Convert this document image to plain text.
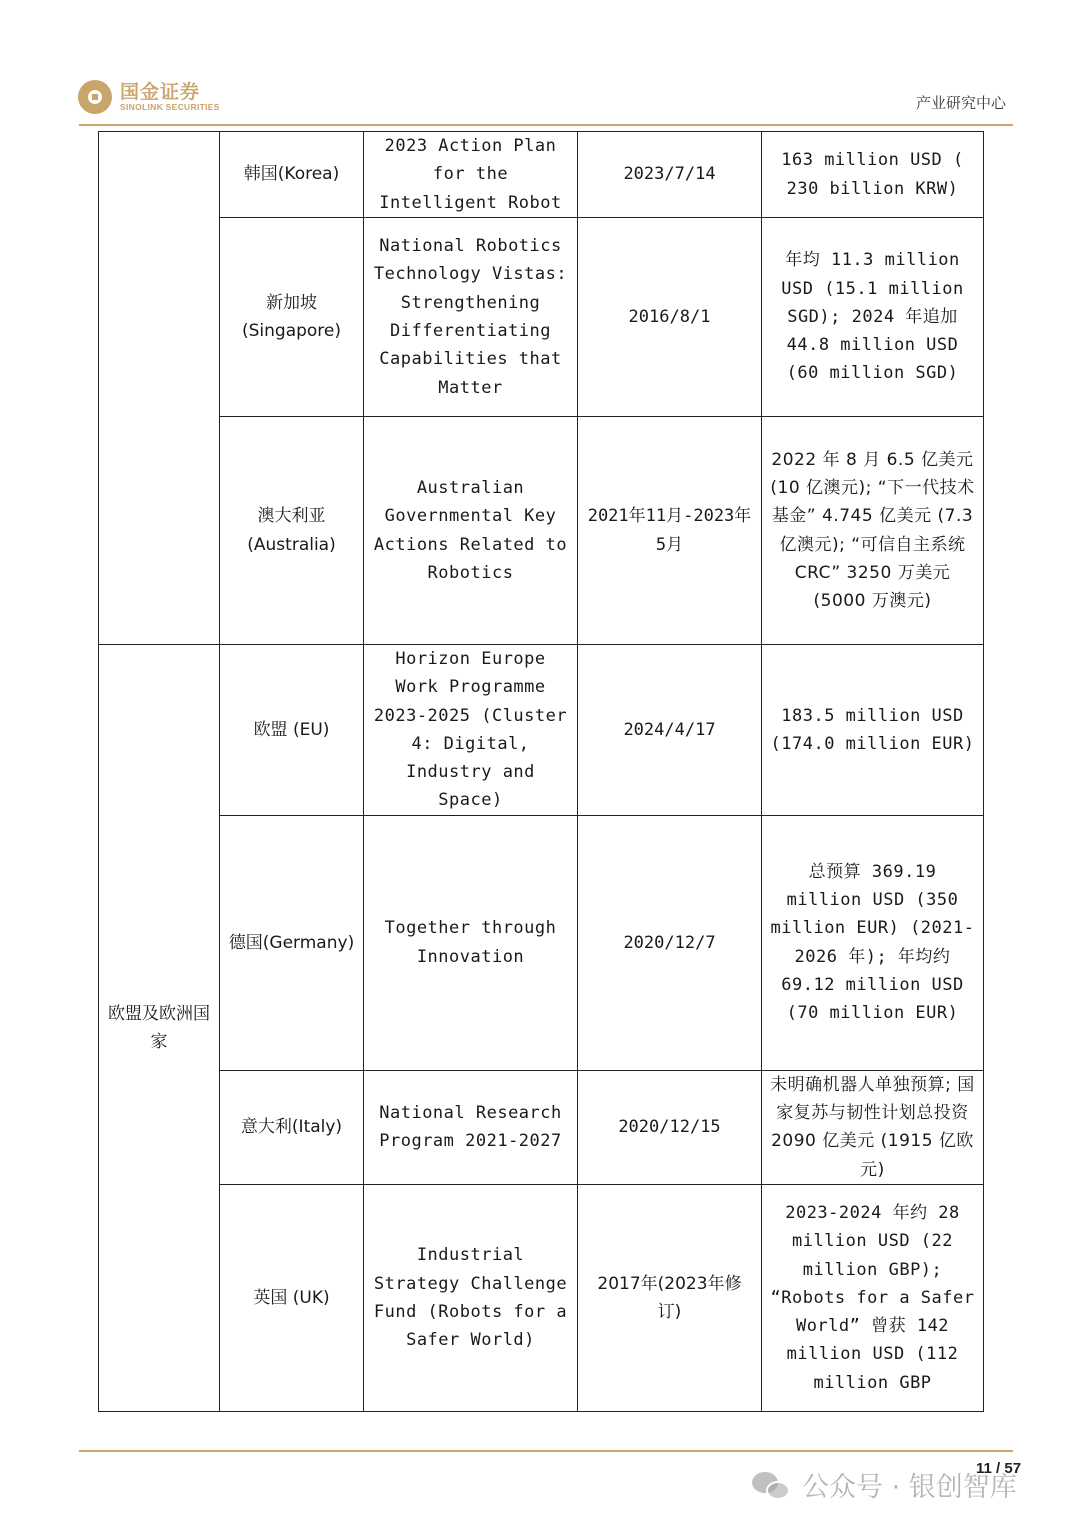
国金证券
SINOLINK SECURITIES	产业研究中心
	韩国(Korea)	2023 Action Plan for the Intelligent Robot	2023/7/14	163 million USD ( 230 billion KRW)
	新加坡(Singapore)	National Robotics Technology Vistas: Strengthening Differentiating Capabilities that Matter	2016/8/1	年均 11.3 million USD (15.1 million SGD); 2024 年追加 44.8 million USD (60 million SGD)
	澳大利亚(Australia)	Australian Governmental Key Actions Related to Robotics	2021年11月-2023年5月	2022 年 8 月 6.5 亿美元 (10 亿澳元); “下一代技术基金” 4.745 亿美元 (7.3 亿澳元); “可信自主系统 CRC” 3250 万美元 (5000 万澳元)
欧盟及欧洲国家	欧盟 (EU)	Horizon Europe Work Programme 2023-2025 (Cluster 4: Digital, Industry and Space)	2024/4/17	183.5 million USD (174.0 million EUR)
	德国(Germany)	Together through Innovation	2020/12/7	总预算 369.19 million USD (350 million EUR) (2021-2026 年); 年均约 69.12 million USD (70 million EUR)
	意大利(Italy)	National Research Program 2021-2027	2020/12/15	未明确机器人单独预算; 国家复苏与韧性计划总投资 2090 亿美元 (1915 亿欧元)
	英国 (UK)	Industrial Strategy Challenge Fund (Robots for a Safer World)	2017年(2023年修订)	2023-2024 年约 28 million USD (22 million GBP); “Robots for a Safer World” 曾获 142 million USD (112 million GBP
公众号 · 银创智库
11 / 57
